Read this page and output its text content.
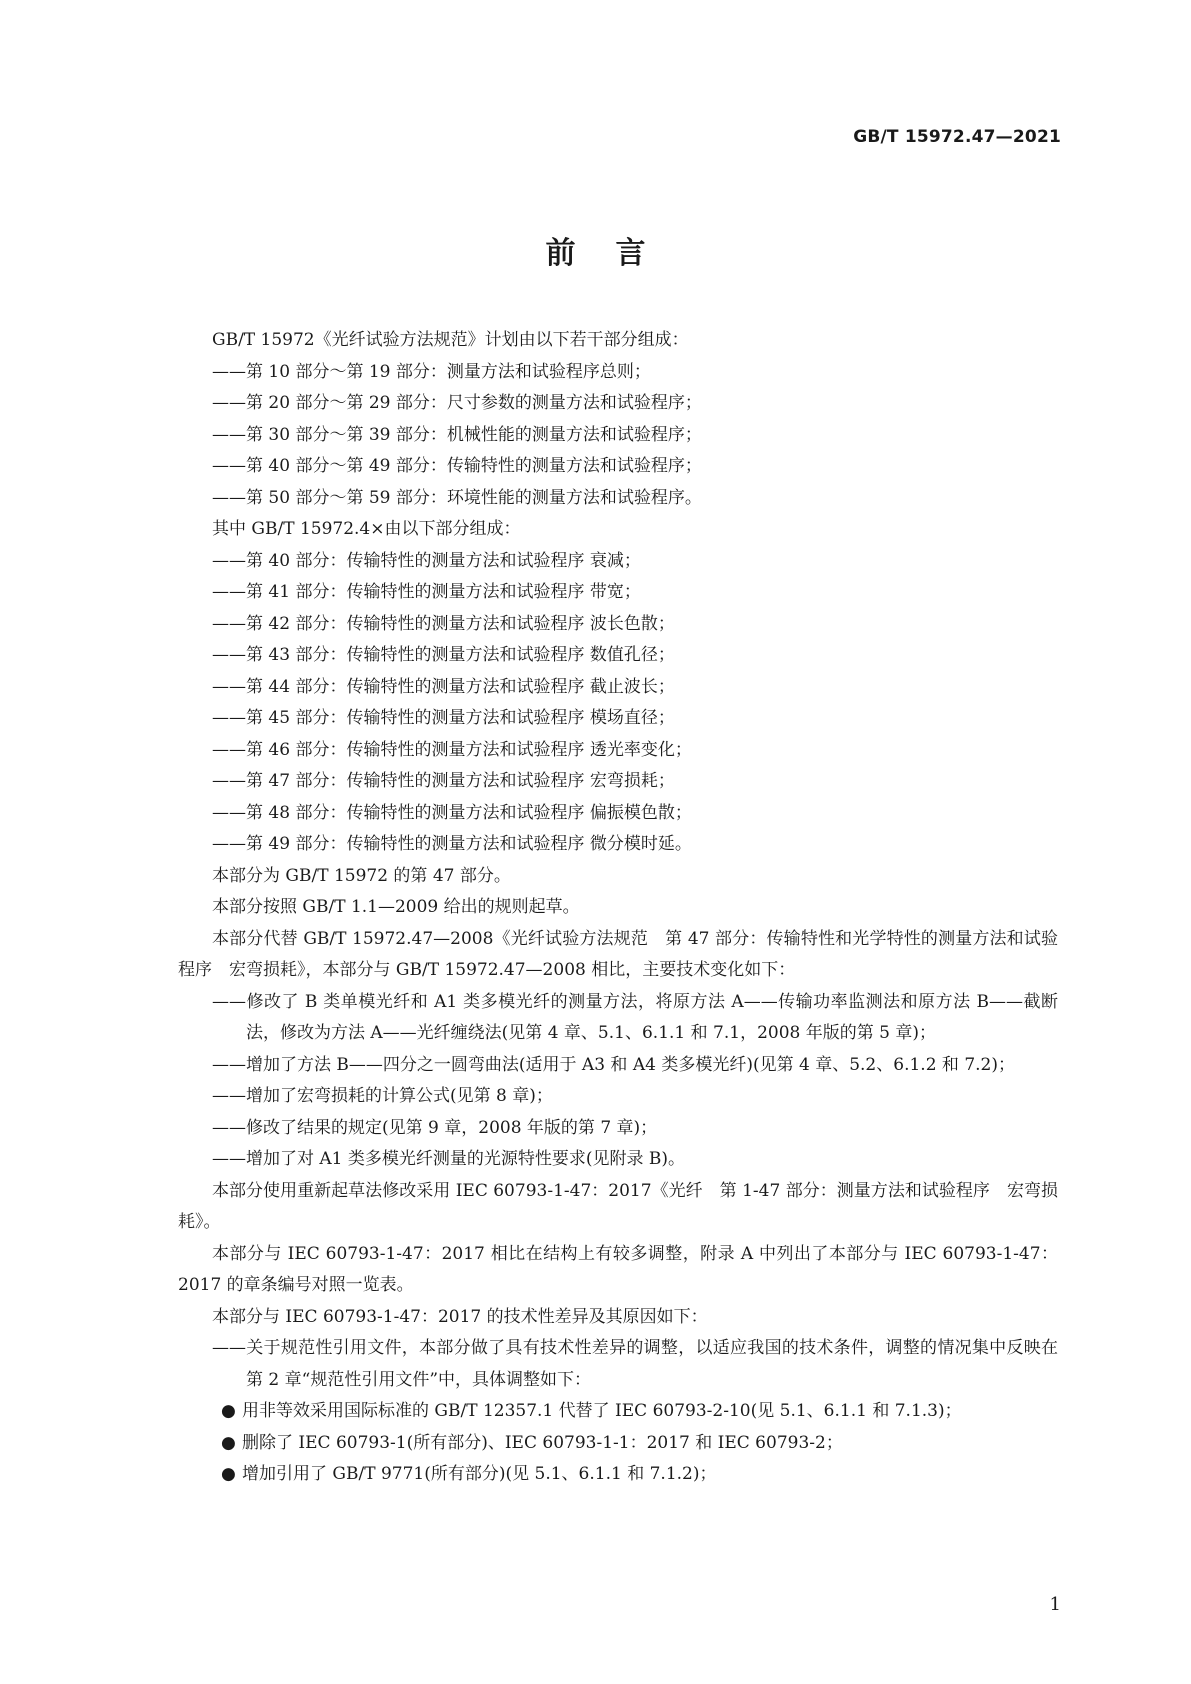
GB/T 15972.47—2021
前言

GB/T 15972《光纤试验方法规范》计划由以下若干部分组成：

——第 10 部分～第 19 部分：测量方法和试验程序总则；

——第 20 部分～第 29 部分：尺寸参数的测量方法和试验程序；

——第 30 部分～第 39 部分：机械性能的测量方法和试验程序；

——第 40 部分～第 49 部分：传输特性的测量方法和试验程序；

——第 50 部分～第 59 部分：环境性能的测量方法和试验程序。

其中 GB/T 15972.4×由以下部分组成：

——第 40 部分：传输特性的测量方法和试验程序 衰减；

——第 41 部分：传输特性的测量方法和试验程序 带宽；

——第 42 部分：传输特性的测量方法和试验程序 波长色散；

——第 43 部分：传输特性的测量方法和试验程序 数值孔径；

——第 44 部分：传输特性的测量方法和试验程序 截止波长；

——第 45 部分：传输特性的测量方法和试验程序 模场直径；

——第 46 部分：传输特性的测量方法和试验程序 透光率变化；

——第 47 部分：传输特性的测量方法和试验程序 宏弯损耗；

——第 48 部分：传输特性的测量方法和试验程序 偏振模色散；

——第 49 部分：传输特性的测量方法和试验程序 微分模时延。

本部分为 GB/T 15972 的第 47 部分。

本部分按照 GB/T 1.1—2009 给出的规则起草。

本部分代替 GB/T 15972.47—2008《光纤试验方法规范　第 47 部分：传输特性和光学特性的测量方法和试验程序　宏弯损耗》，本部分与 GB/T 15972.47—2008 相比，主要技术变化如下：

——修改了 B 类单模光纤和 A1 类多模光纤的测量方法，将原方法 A——传输功率监测法和原方法 B——截断法，修改为方法 A——光纤缠绕法(见第 4 章、5.1、6.1.1 和 7.1，2008 年版的第 5 章)；

——增加了方法 B——四分之一圆弯曲法(适用于 A3 和 A4 类多模光纤)(见第 4 章、5.2、6.1.2 和 7.2)；

——增加了宏弯损耗的计算公式(见第 8 章)；

——修改了结果的规定(见第 9 章，2008 年版的第 7 章)；

——增加了对 A1 类多模光纤测量的光源特性要求(见附录 B)。

本部分使用重新起草法修改采用 IEC 60793-1-47：2017《光纤　第 1-47 部分：测量方法和试验程序　宏弯损耗》。

本部分与 IEC 60793-1-47：2017 相比在结构上有较多调整，附录 A 中列出了本部分与 IEC 60793-1-47：2017 的章条编号对照一览表。

本部分与 IEC 60793-1-47：2017 的技术性差异及其原因如下：

——关于规范性引用文件，本部分做了具有技术性差异的调整，以适应我国的技术条件，调整的情况集中反映在第 2 章“规范性引用文件”中，具体调整如下：

● 用非等效采用国际标准的 GB/T 12357.1 代替了 IEC 60793-2-10(见 5.1、6.1.1 和 7.1.3)；

● 删除了 IEC 60793-1(所有部分)、IEC 60793-1-1：2017 和 IEC 60793-2；

● 增加引用了 GB/T 9771(所有部分)(见 5.1、6.1.1 和 7.1.2)；

1
